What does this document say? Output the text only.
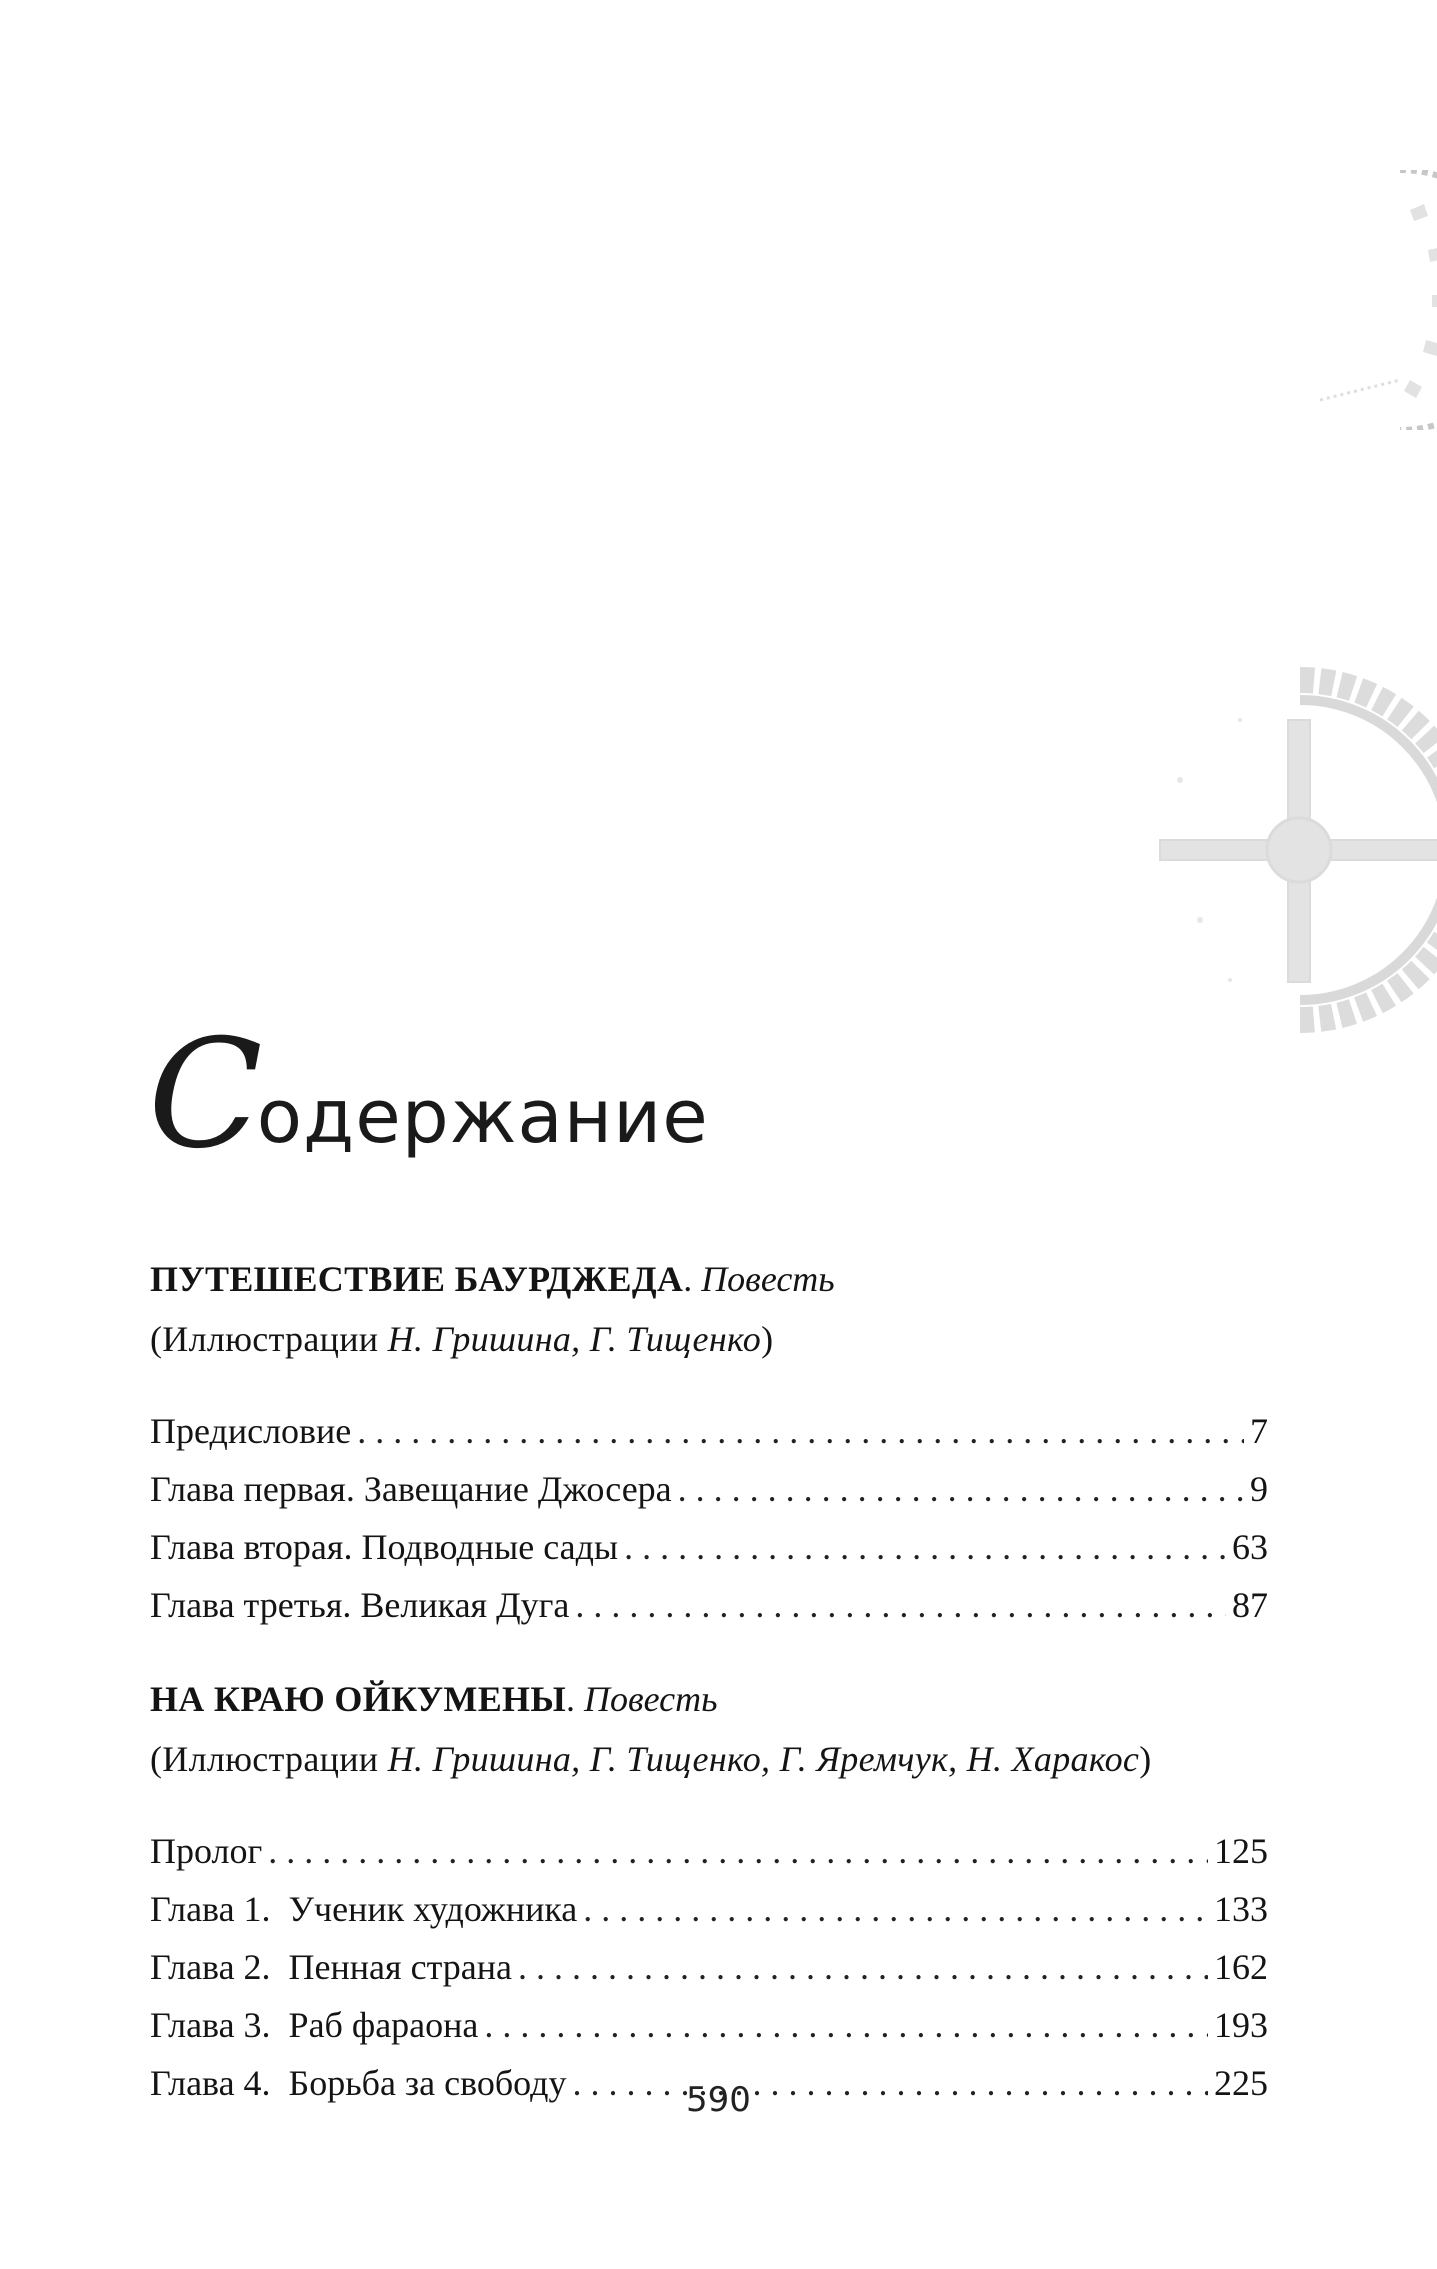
С
одержание
ПУТЕШЕСТВИЕ БАУРДЖЕДА. Повесть
(Иллюстрации Н. Гришина, Г. Тищенко)
Предисловие . . .	7
Глава первая. Завещание Джосера . . .	9
Глава вторая. Подводные сады . . .	63
Глава третья. Великая Дуга . . .	87
НА КРАЮ ОЙКУМЕНЫ. Повесть
(Иллюстрации Н. Гришина, Г. Тищенко, Г. Яремчук, Н. Харакос)
Пролог . . .	125
Глава 1.  Ученик художника . . .	133
Глава 2.  Пенная страна . . .	162
Глава 3.  Раб фараона . . .	193
Глава 4.  Борьба за свободу . . .	225
590
